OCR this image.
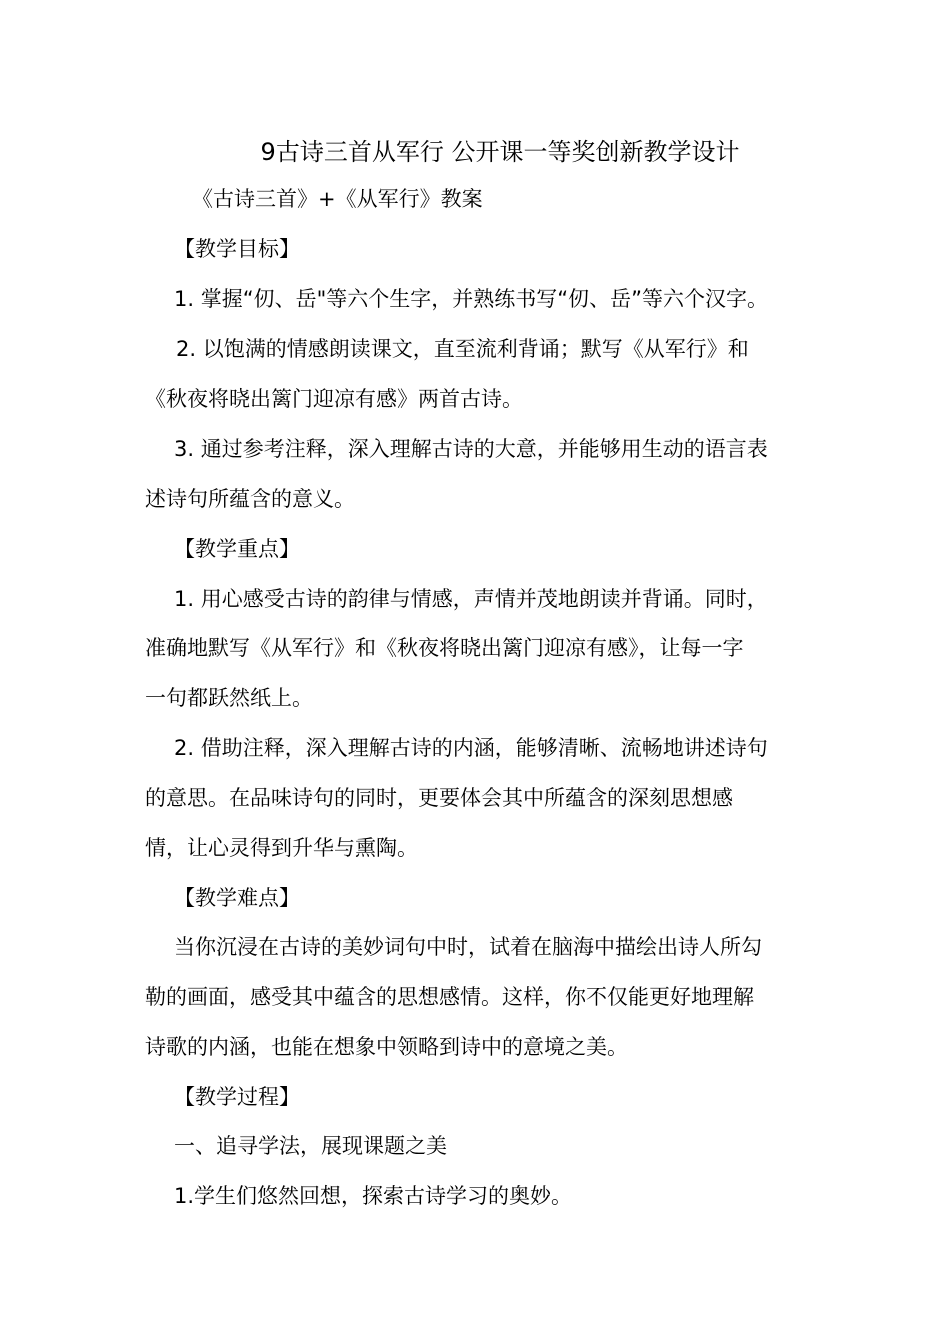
9古诗三首从军行 公开课一等奖创新教学设计
《古诗三首》+《从军行》教案
【教学目标】
1. 掌握“仞、岳"等六个生字，并熟练书写“仞、岳”等六个汉字。
2. 以饱满的情感朗读课文，直至流利背诵；默写《从军行》和
《秋夜将晓出篱门迎凉有感》两首古诗。
3. 通过参考注释，深入理解古诗的大意，并能够用生动的语言表
述诗句所蕴含的意义。
【教学重点】
1. 用心感受古诗的韵律与情感，声情并茂地朗读并背诵。同时，
准确地默写《从军行》和《秋夜将晓出篱门迎凉有感》，让每一字
一句都跃然纸上。
2. 借助注释，深入理解古诗的内涵，能够清晰、流畅地讲述诗句
的意思。在品味诗句的同时，更要体会其中所蕴含的深刻思想感
情，让心灵得到升华与熏陶。
【教学难点】
当你沉浸在古诗的美妙词句中时，试着在脑海中描绘出诗人所勾
勒的画面，感受其中蕴含的思想感情。这样，你不仅能更好地理解
诗歌的内涵，也能在想象中领略到诗中的意境之美。
【教学过程】
一、追寻学法，展现课题之美
1.学生们悠然回想，探索古诗学习的奥妙。
